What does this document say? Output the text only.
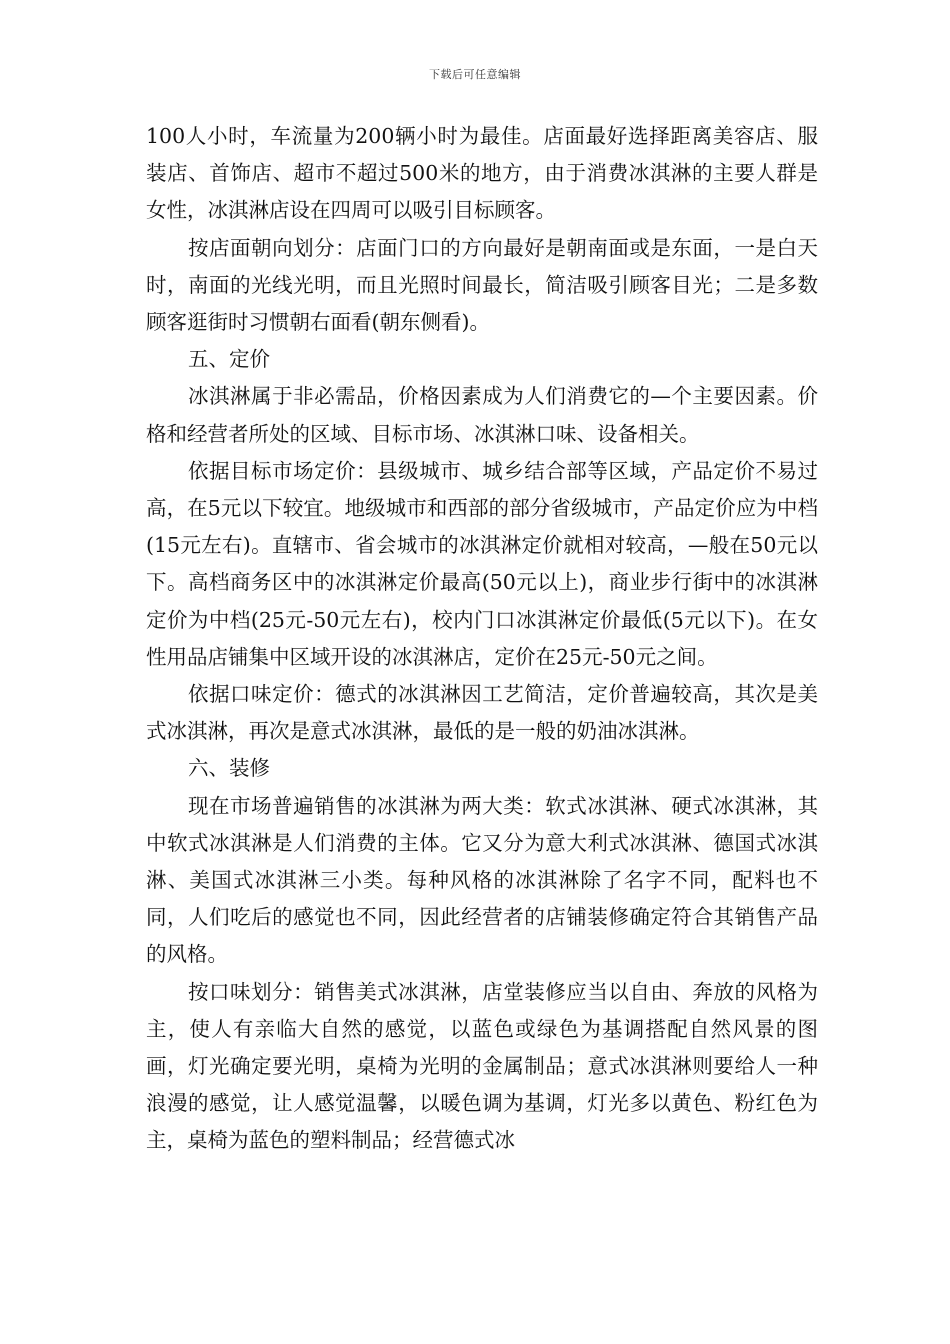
下载后可任意编辑

100人小时，车流量为200辆小时为最佳。店面最好选择距离美容店、服装店、首饰店、超市不超过500米的地方，由于消费冰淇淋的主要人群是女性，冰淇淋店设在四周可以吸引目标顾客。

按店面朝向划分：店面门口的方向最好是朝南面或是东面，一是白天时，南面的光线光明，而且光照时间最长，简洁吸引顾客目光；二是多数顾客逛街时习惯朝右面看(朝东侧看)。

五、定价

冰淇淋属于非必需品，价格因素成为人们消费它的—个主要因素。价格和经营者所处的区域、目标市场、冰淇淋口味、设备相关。

依据目标市场定价：县级城市、城乡结合部等区域，产品定价不易过高，在5元以下较宜。地级城市和西部的部分省级城市，产品定价应为中档(15元左右)。直辖市、省会城市的冰淇淋定价就相对较高，—般在50元以下。高档商务区中的冰淇淋定价最高(50元以上)，商业步行街中的冰淇淋定价为中档(25元-50元左右)，校内门口冰淇淋定价最低(5元以下)。在女性用品店铺集中区域开设的冰淇淋店，定价在25元-50元之间。

依据口味定价：德式的冰淇淋因工艺简洁，定价普遍较高，其次是美式冰淇淋，再次是意式冰淇淋，最低的是一般的奶油冰淇淋。

六、装修

现在市场普遍销售的冰淇淋为两大类：软式冰淇淋、硬式冰淇淋，其中软式冰淇淋是人们消费的主体。它又分为意大利式冰淇淋、德国式冰淇淋、美国式冰淇淋三小类。每种风格的冰淇淋除了名字不同，配料也不同，人们吃后的感觉也不同，因此经营者的店铺装修确定符合其销售产品的风格。

按口味划分：销售美式冰淇淋，店堂装修应当以自由、奔放的风格为主，使人有亲临大自然的感觉，以蓝色或绿色为基调搭配自然风景的图画，灯光确定要光明，桌椅为光明的金属制品；意式冰淇淋则要给人一种浪漫的感觉，让人感觉温馨，以暖色调为基调，灯光多以黄色、粉红色为主，桌椅为蓝色的塑料制品；经营德式冰
